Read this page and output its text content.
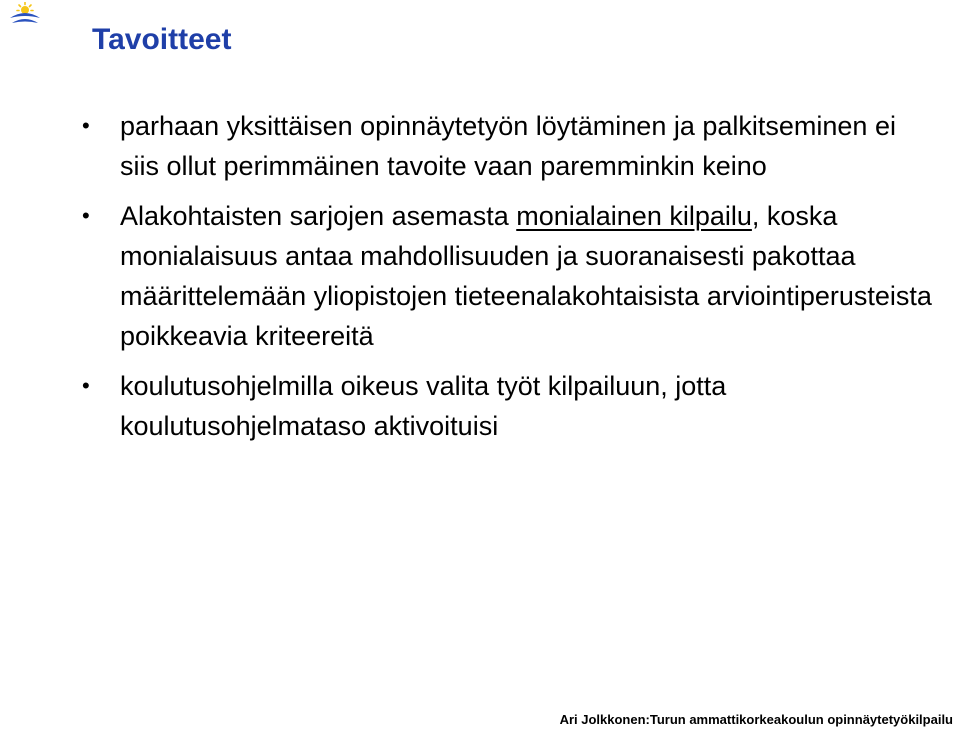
Tavoitteet
• parhaan yksittäisen opinnäytetyön löytäminen ja palkitseminen ei siis ollut perimmäinen tavoite vaan paremminkin keino
• Alakohtaisten sarjojen asemasta monialainen kilpailu, koska monialaisuus antaa mahdollisuuden ja suoranaisesti pakottaa määrittelemään yliopistojen tieteenalakohtaisista arviointiperusteista poikkeavia kriteereitä
• koulutusohjelmilla oikeus valita työt kilpailuun, jotta koulutusohjelmataso aktivoituisi
Ari Jolkkonen:Turun ammattikorkeakoulun opinnäytetyökilpailu
